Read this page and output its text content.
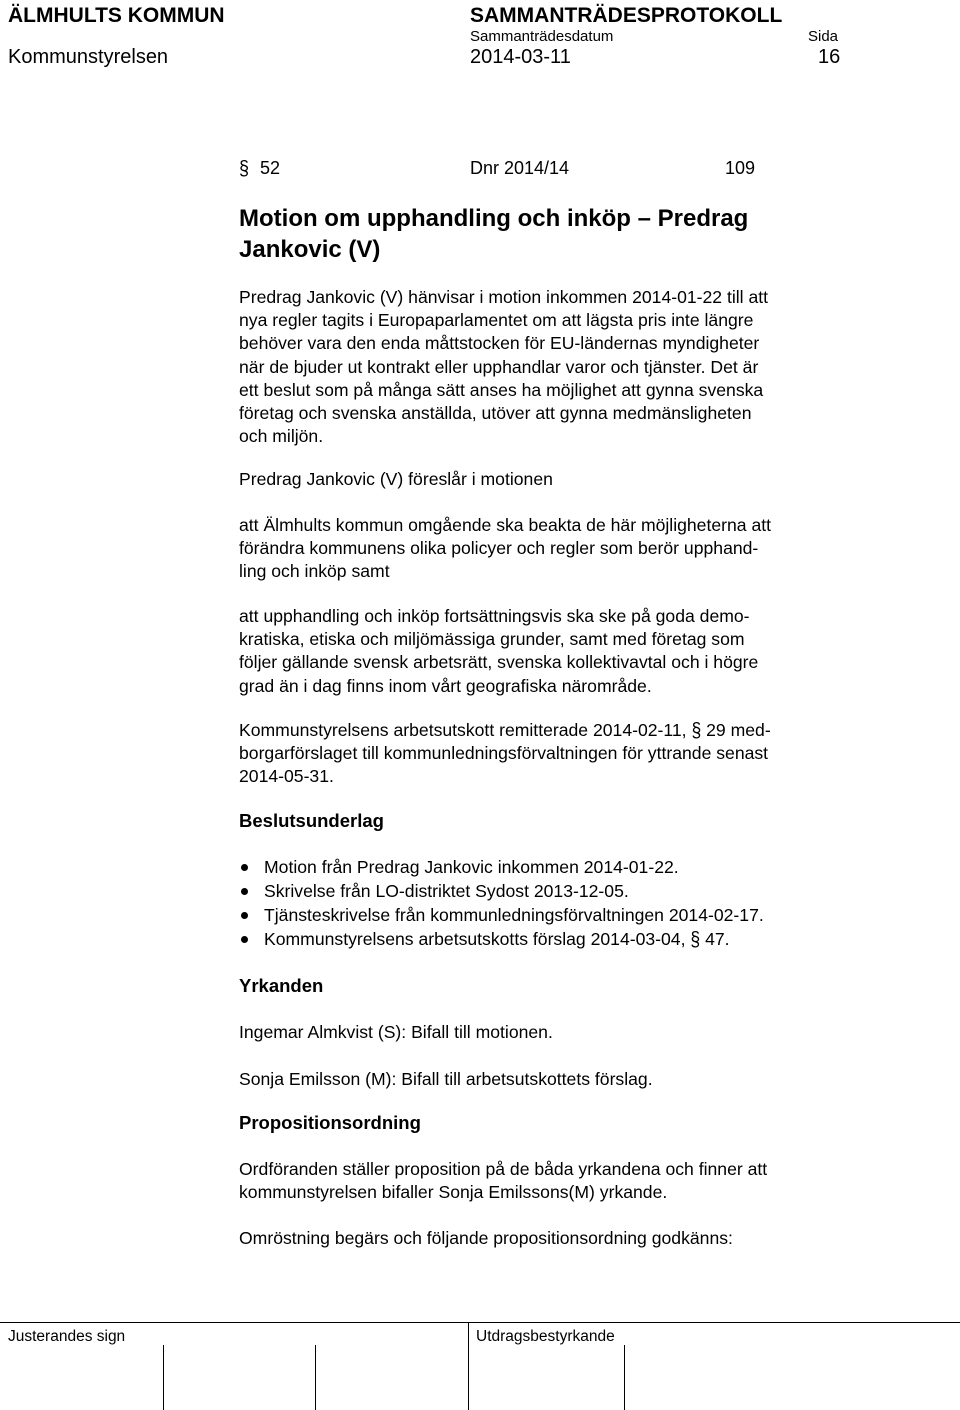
ÄLMHULTS KOMMUN	SAMMANTRÄDESPROTOKOLL
Sammanträdesdatum	Sida
Kommunstyrelsen	2014-03-11	16
§ 52	Dnr 2014/14	109
Motion om upphandling och inköp – Predrag
Jankovic (V)
Predrag Jankovic (V) hänvisar i motion inkommen 2014-01-22 till att
nya regler tagits i Europaparlamentet om att lägsta pris inte längre
behöver vara den enda måttstocken för EU-ländernas myndigheter
när de bjuder ut kontrakt eller upphandlar varor och tjänster. Det är
ett beslut som på många sätt anses ha möjlighet att gynna svenska
företag och svenska anställda, utöver att gynna medmänsligheten
och miljön.
Predrag Jankovic (V) föreslår i motionen
att Älmhults kommun omgående ska beakta de här möjligheterna att
förändra kommunens olika policyer och regler som berör upphand-
ling och inköp samt
att upphandling och inköp fortsättningsvis ska ske på goda demo-
kratiska, etiska och miljömässiga grunder, samt med företag som
följer gällande svensk arbetsrätt, svenska kollektivavtal och i högre
grad än i dag finns inom vårt geografiska närområde.
Kommunstyrelsens arbetsutskott remitterade 2014-02-11, § 29 med-
borgarförslaget till kommunledningsförvaltningen för yttrande senast
2014-05-31.
Beslutsunderlag
Motion från Predrag Jankovic inkommen 2014-01-22.
Skrivelse från LO-distriktet Sydost 2013-12-05.
Tjänsteskrivelse från kommunledningsförvaltningen 2014-02-17.
Kommunstyrelsens arbetsutskotts förslag 2014-03-04, § 47.
Yrkanden
Ingemar Almkvist (S): Bifall till motionen.
Sonja Emilsson (M): Bifall till arbetsutskottets förslag.
Propositionsordning
Ordföranden ställer proposition på de båda yrkandena och finner att
kommunstyrelsen bifaller Sonja Emilssons(M) yrkande.
Omröstning begärs och följande propositionsordning godkänns:
Justerandes sign	Utdragsbestyrkande
